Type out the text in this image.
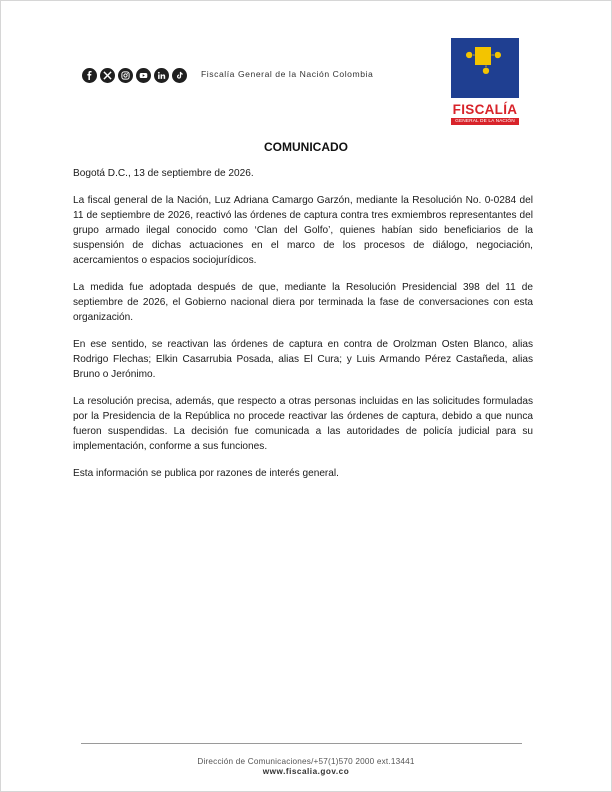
Fiscalía General de la Nación Colombia
FISCALÍA
GENERAL DE LA NACIÓN
COMUNICADO

Bogotá D.C., 13 de septiembre de 2026.

La fiscal general de la Nación, Luz Adriana Camargo Garzón, mediante la Resolución No. 0-0284 del 11 de septiembre de 2026, reactivó las órdenes de captura contra tres exmiembros representantes del grupo armado ilegal conocido como ‘Clan del Golfo’, quienes habían sido beneficiarios de la suspensión de dichas actuaciones en el marco de los procesos de diálogo, negociación, acercamientos o espacios sociojurídicos.

La medida fue adoptada después de que, mediante la Resolución Presidencial 398 del 11 de septiembre de 2026, el Gobierno nacional diera por terminada la fase de conversaciones con esta organización.

En ese sentido, se reactivan las órdenes de captura en contra de Orolzman Osten Blanco, alias Rodrigo Flechas; Elkin Casarrubia Posada, alias El Cura; y Luis Armando Pérez Castañeda, alias Bruno o Jerónimo.

La resolución precisa, además, que respecto a otras personas incluidas en las solicitudes formuladas por la Presidencia de la República no procede reactivar las órdenes de captura, debido a que nunca fueron suspendidas. La decisión fue comunicada a las autoridades de policía judicial para su implementación, conforme a sus funciones.

Esta información se publica por razones de interés general.

Dirección de Comunicaciones/+57(1)570 2000 ext.13441
www.fiscalia.gov.co
